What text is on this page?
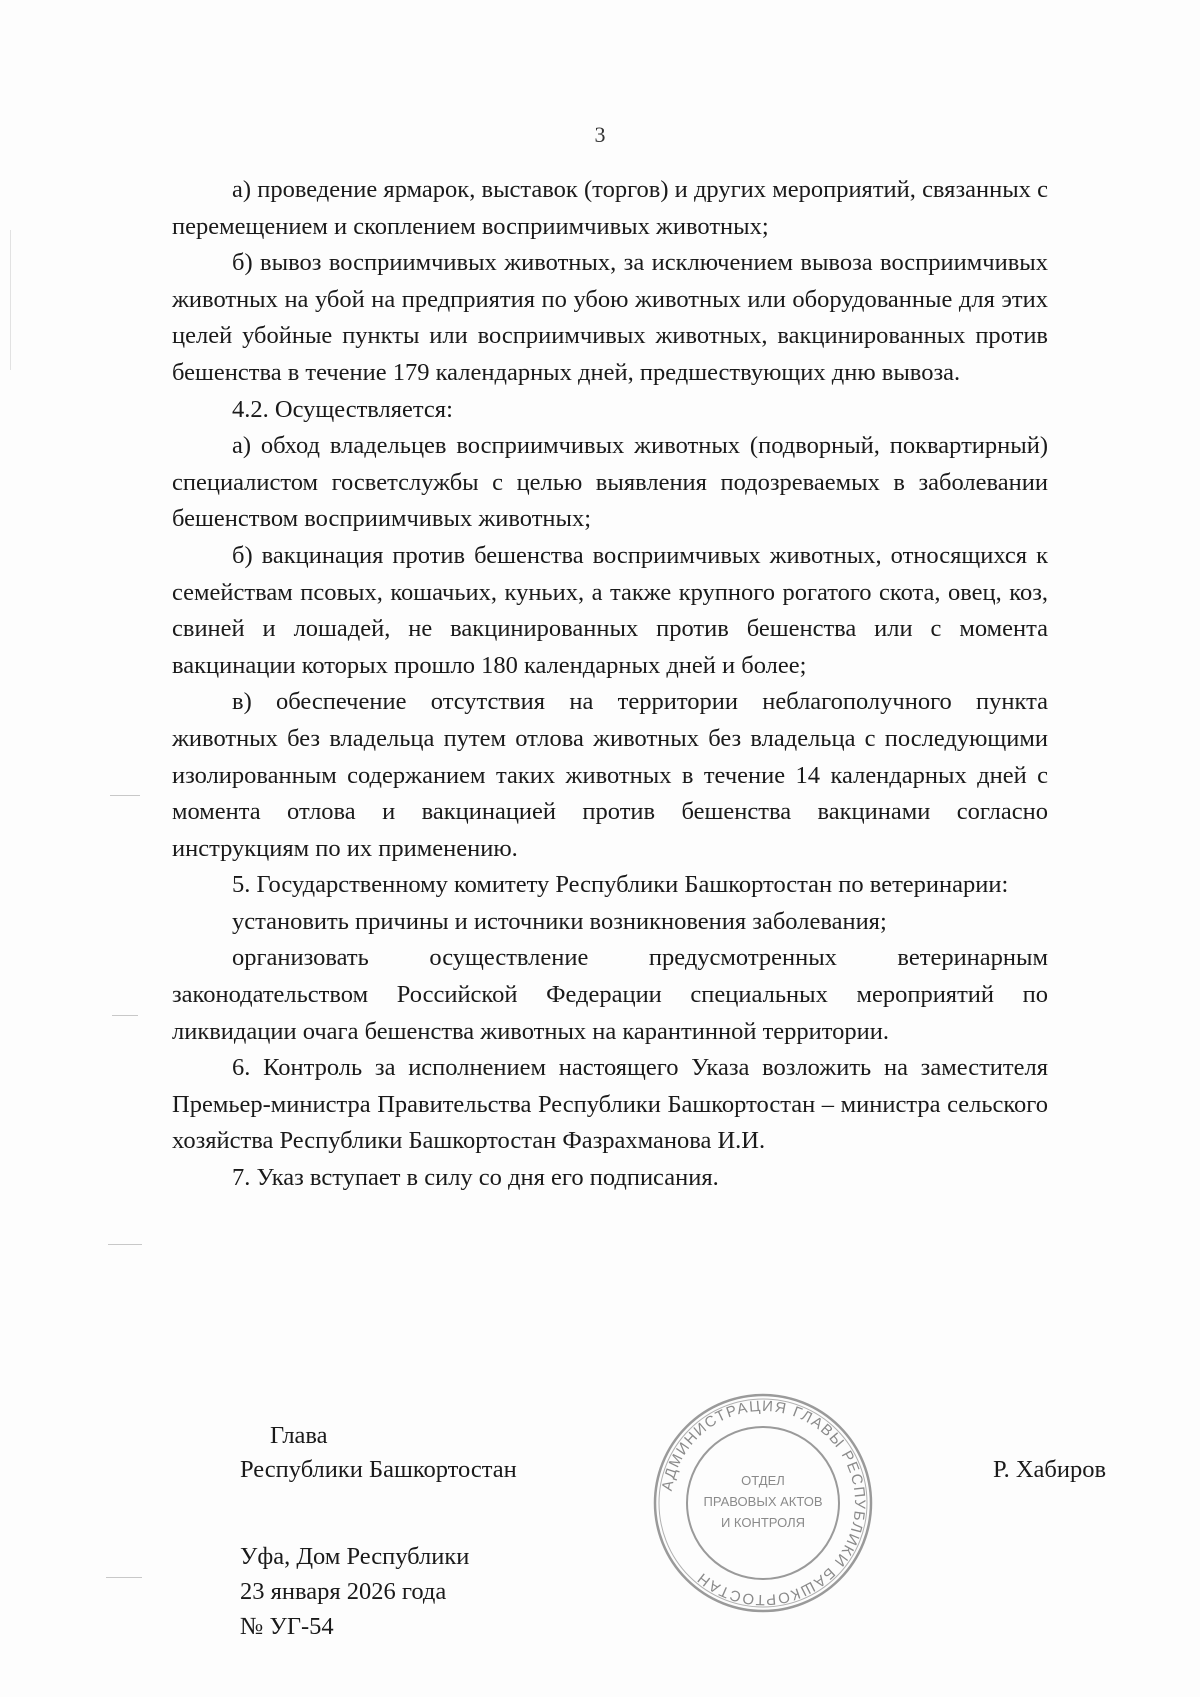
3

а) проведение ярмарок, выставок (торгов) и других мероприятий, связанных с перемещением и скоплением восприимчивых животных;

б) вывоз восприимчивых животных, за исключением вывоза восприимчивых животных на убой на предприятия по убою животных или оборудованные для этих целей убойные пункты или восприимчивых животных, вакцинированных против бешенства в течение 179 календарных дней, предшествующих дню вывоза.

4.2. Осуществляется:

а) обход владельцев восприимчивых животных (подворный, поквартирный) специалистом госветслужбы с целью выявления подозреваемых в заболевании бешенством восприимчивых животных;

б) вакцинация против бешенства восприимчивых животных, относящихся к семействам псовых, кошачьих, куньих, а также крупного рогатого скота, овец, коз, свиней и лошадей, не вакцинированных против бешенства или с момента вакцинации которых прошло 180 календарных дней и более;

в) обеспечение отсутствия на территории неблагополучного пункта животных без владельца путем отлова животных без владельца с последующими изолированным содержанием таких животных в течение 14 календарных дней с момента отлова и вакцинацией против бешенства вакцинами согласно инструкциям по их применению.

5. Государственному комитету Республики Башкортостан по ветеринарии:

установить причины и источники возникновения заболевания;

организовать осуществление предусмотренных ветеринарным законодательством Российской Федерации специальных мероприятий по ликвидации очага бешенства животных на карантинной территории.

6. Контроль за исполнением настоящего Указа возложить на заместителя Премьер-министра Правительства Республики Башкортостан – министра сельского хозяйства Республики Башкортостан Фазрахманова И.И.

7. Указ вступает в силу со дня его подписания.

Глава
Республики Башкортостан	Р. Хабиров
Уфа, Дом Республики
23 января 2026 года
№ УГ-54
АДМИНИСТРАЦИЯ ГЛАВЫ РЕСПУБЛИКИ БАШКОРТОСТАН
ОТДЕЛ
ПРАВОВЫХ АКТОВ
И КОНТРОЛЯ
